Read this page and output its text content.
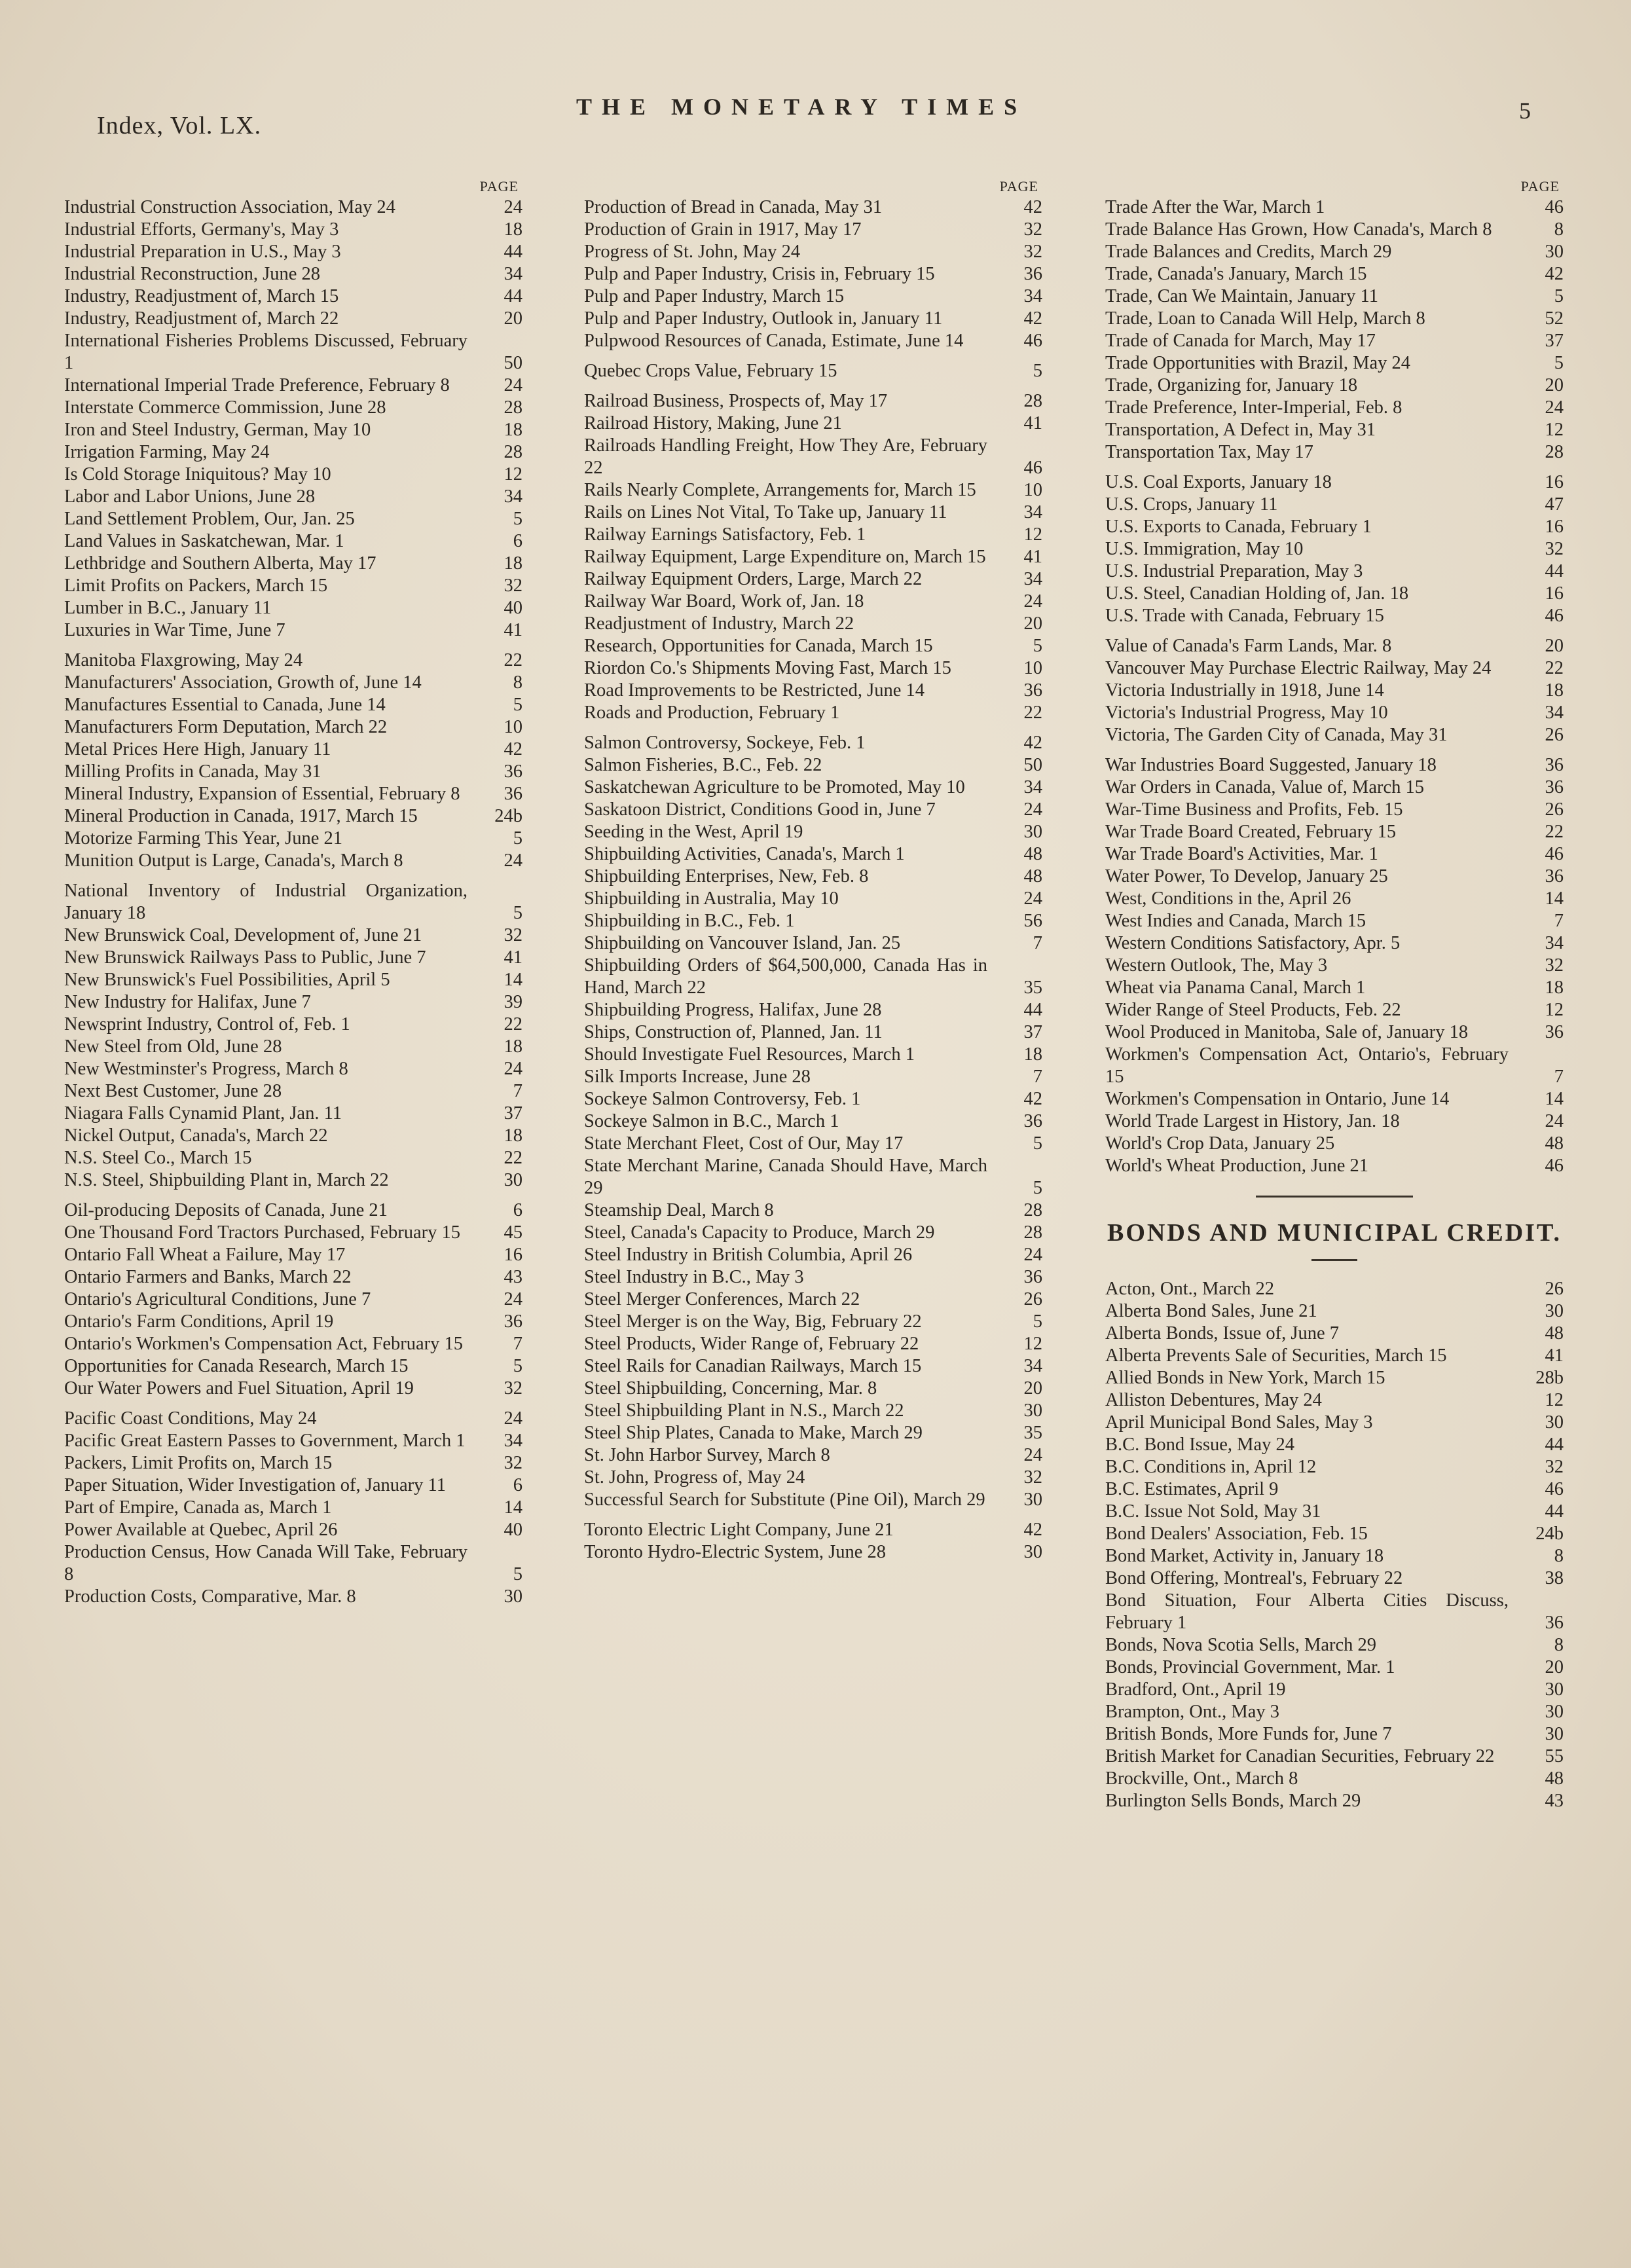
Index, Vol. LX.
THE MONETARY TIMES	5
PAGE
Industrial Construction Association, May 24	24
Industrial Efforts, Germany's, May 3	18
Industrial Preparation in U.S., May 3	44
Industrial Reconstruction, June 28	34
Industry, Readjustment of, March 15	44
Industry, Readjustment of, March 22	20
International Fisheries Problems Discussed, February 1	50
International Imperial Trade Preference, February 8	24
Interstate Commerce Commission, June 28	28
Iron and Steel Industry, German, May 10	18
Irrigation Farming, May 24	28
Is Cold Storage Iniquitous? May 10	12
Labor and Labor Unions, June 28	34
Land Settlement Problem, Our, Jan. 25	5
Land Values in Saskatchewan, Mar. 1	6
Lethbridge and Southern Alberta, May 17	18
Limit Profits on Packers, March 15	32
Lumber in B.C., January 11	40
Luxuries in War Time, June 7	41
Manitoba Flaxgrowing, May 24	22
Manufacturers' Association, Growth of, June 14	8
Manufactures Essential to Canada, June 14	5
Manufacturers Form Deputation, March 22	10
Metal Prices Here High, January 11	42
Milling Profits in Canada, May 31	36
Mineral Industry, Expansion of Essential, February 8	36
Mineral Production in Canada, 1917, March 15	24b
Motorize Farming This Year, June 21	5
Munition Output is Large, Canada's, March 8	24
National Inventory of Industrial Organization, January 18	5
New Brunswick Coal, Development of, June 21	32
New Brunswick Railways Pass to Public, June 7	41
New Brunswick's Fuel Possibilities, April 5	14
New Industry for Halifax, June 7	39
Newsprint Industry, Control of, Feb. 1	22
New Steel from Old, June 28	18
New Westminster's Progress, March 8	24
Next Best Customer, June 28	7
Niagara Falls Cynamid Plant, Jan. 11	37
Nickel Output, Canada's, March 22	18
N.S. Steel Co., March 15	22
N.S. Steel, Shipbuilding Plant in, March 22	30
Oil-producing Deposits of Canada, June 21	6
One Thousand Ford Tractors Purchased, February 15	45
Ontario Fall Wheat a Failure, May 17	16
Ontario Farmers and Banks, March 22	43
Ontario's Agricultural Conditions, June 7	24
Ontario's Farm Conditions, April 19	36
Ontario's Workmen's Compensation Act, February 15	7
Opportunities for Canada Research, March 15	5
Our Water Powers and Fuel Situation, April 19	32
Pacific Coast Conditions, May 24	24
Pacific Great Eastern Passes to Government, March 1	34
Packers, Limit Profits on, March 15	32
Paper Situation, Wider Investigation of, January 11	6
Part of Empire, Canada as, March 1	14
Power Available at Quebec, April 26	40
Production Census, How Canada Will Take, February 8	5
Production Costs, Comparative, Mar. 8	30
PAGE
Production of Bread in Canada, May 31	42
Production of Grain in 1917, May 17	32
Progress of St. John, May 24	32
Pulp and Paper Industry, Crisis in, February 15	36
Pulp and Paper Industry, March 15	34
Pulp and Paper Industry, Outlook in, January 11	42
Pulpwood Resources of Canada, Estimate, June 14	46
Quebec Crops Value, February 15	5
Railroad Business, Prospects of, May 17	28
Railroad History, Making, June 21	41
Railroads Handling Freight, How They Are, February 22	46
Rails Nearly Complete, Arrangements for, March 15	10
Rails on Lines Not Vital, To Take up, January 11	34
Railway Earnings Satisfactory, Feb. 1	12
Railway Equipment, Large Expenditure on, March 15	41
Railway Equipment Orders, Large, March 22	34
Railway War Board, Work of, Jan. 18	24
Readjustment of Industry, March 22	20
Research, Opportunities for Canada, March 15	5
Riordon Co.'s Shipments Moving Fast, March 15	10
Road Improvements to be Restricted, June 14	36
Roads and Production, February 1	22
Salmon Controversy, Sockeye, Feb. 1	42
Salmon Fisheries, B.C., Feb. 22	50
Saskatchewan Agriculture to be Promoted, May 10	34
Saskatoon District, Conditions Good in, June 7	24
Seeding in the West, April 19	30
Shipbuilding Activities, Canada's, March 1	48
Shipbuilding Enterprises, New, Feb. 8	48
Shipbuilding in Australia, May 10	24
Shipbuilding in B.C., Feb. 1	56
Shipbuilding on Vancouver Island, Jan. 25	7
Shipbuilding Orders of $64,500,000, Canada Has in Hand, March 22	35
Shipbuilding Progress, Halifax, June 28	44
Ships, Construction of, Planned, Jan. 11	37
Should Investigate Fuel Resources, March 1	18
Silk Imports Increase, June 28	7
Sockeye Salmon Controversy, Feb. 1	42
Sockeye Salmon in B.C., March 1	36
State Merchant Fleet, Cost of Our, May 17	5
State Merchant Marine, Canada Should Have, March 29	5
Steamship Deal, March 8	28
Steel, Canada's Capacity to Produce, March 29	28
Steel Industry in British Columbia, April 26	24
Steel Industry in B.C., May 3	36
Steel Merger Conferences, March 22	26
Steel Merger is on the Way, Big, February 22	5
Steel Products, Wider Range of, February 22	12
Steel Rails for Canadian Railways, March 15	34
Steel Shipbuilding, Concerning, Mar. 8	20
Steel Shipbuilding Plant in N.S., March 22	30
Steel Ship Plates, Canada to Make, March 29	35
St. John Harbor Survey, March 8	24
St. John, Progress of, May 24	32
Successful Search for Substitute (Pine Oil), March 29	30
Toronto Electric Light Company, June 21	42
Toronto Hydro-Electric System, June 28	30
PAGE
Trade After the War, March 1	46
Trade Balance Has Grown, How Canada's, March 8	8
Trade Balances and Credits, March 29	30
Trade, Canada's January, March 15	42
Trade, Can We Maintain, January 11	5
Trade, Loan to Canada Will Help, March 8	52
Trade of Canada for March, May 17	37
Trade Opportunities with Brazil, May 24	5
Trade, Organizing for, January 18	20
Trade Preference, Inter-Imperial, Feb. 8	24
Transportation, A Defect in, May 31	12
Transportation Tax, May 17	28
U.S. Coal Exports, January 18	16
U.S. Crops, January 11	47
U.S. Exports to Canada, February 1	16
U.S. Immigration, May 10	32
U.S. Industrial Preparation, May 3	44
U.S. Steel, Canadian Holding of, Jan. 18	16
U.S. Trade with Canada, February 15	46
Value of Canada's Farm Lands, Mar. 8	20
Vancouver May Purchase Electric Railway, May 24	22
Victoria Industrially in 1918, June 14	18
Victoria's Industrial Progress, May 10	34
Victoria, The Garden City of Canada, May 31	26
War Industries Board Suggested, January 18	36
War Orders in Canada, Value of, March 15	36
War-Time Business and Profits, Feb. 15	26
War Trade Board Created, February 15	22
War Trade Board's Activities, Mar. 1	46
Water Power, To Develop, January 25	36
West, Conditions in the, April 26	14
West Indies and Canada, March 15	7
Western Conditions Satisfactory, Apr. 5	34
Western Outlook, The, May 3	32
Wheat via Panama Canal, March 1	18
Wider Range of Steel Products, Feb. 22	12
Wool Produced in Manitoba, Sale of, January 18	36
Workmen's Compensation Act, Ontario's, February 15	7
Workmen's Compensation in Ontario, June 14	14
World Trade Largest in History, Jan. 18	24
World's Crop Data, January 25	48
World's Wheat Production, June 21	46
BONDS AND MUNICIPAL CREDIT.
Acton, Ont., March 22	26
Alberta Bond Sales, June 21	30
Alberta Bonds, Issue of, June 7	48
Alberta Prevents Sale of Securities, March 15	41
Allied Bonds in New York, March 15	28b
Alliston Debentures, May 24	12
April Municipal Bond Sales, May 3	30
B.C. Bond Issue, May 24	44
B.C. Conditions in, April 12	32
B.C. Estimates, April 9	46
B.C. Issue Not Sold, May 31	44
Bond Dealers' Association, Feb. 15	24b
Bond Market, Activity in, January 18	8
Bond Offering, Montreal's, February 22	38
Bond Situation, Four Alberta Cities Discuss, February 1	36
Bonds, Nova Scotia Sells, March 29	8
Bonds, Provincial Government, Mar. 1	20
Bradford, Ont., April 19	30
Brampton, Ont., May 3	30
British Bonds, More Funds for, June 7	30
British Market for Canadian Securities, February 22	55
Brockville, Ont., March 8	48
Burlington Sells Bonds, March 29	43
